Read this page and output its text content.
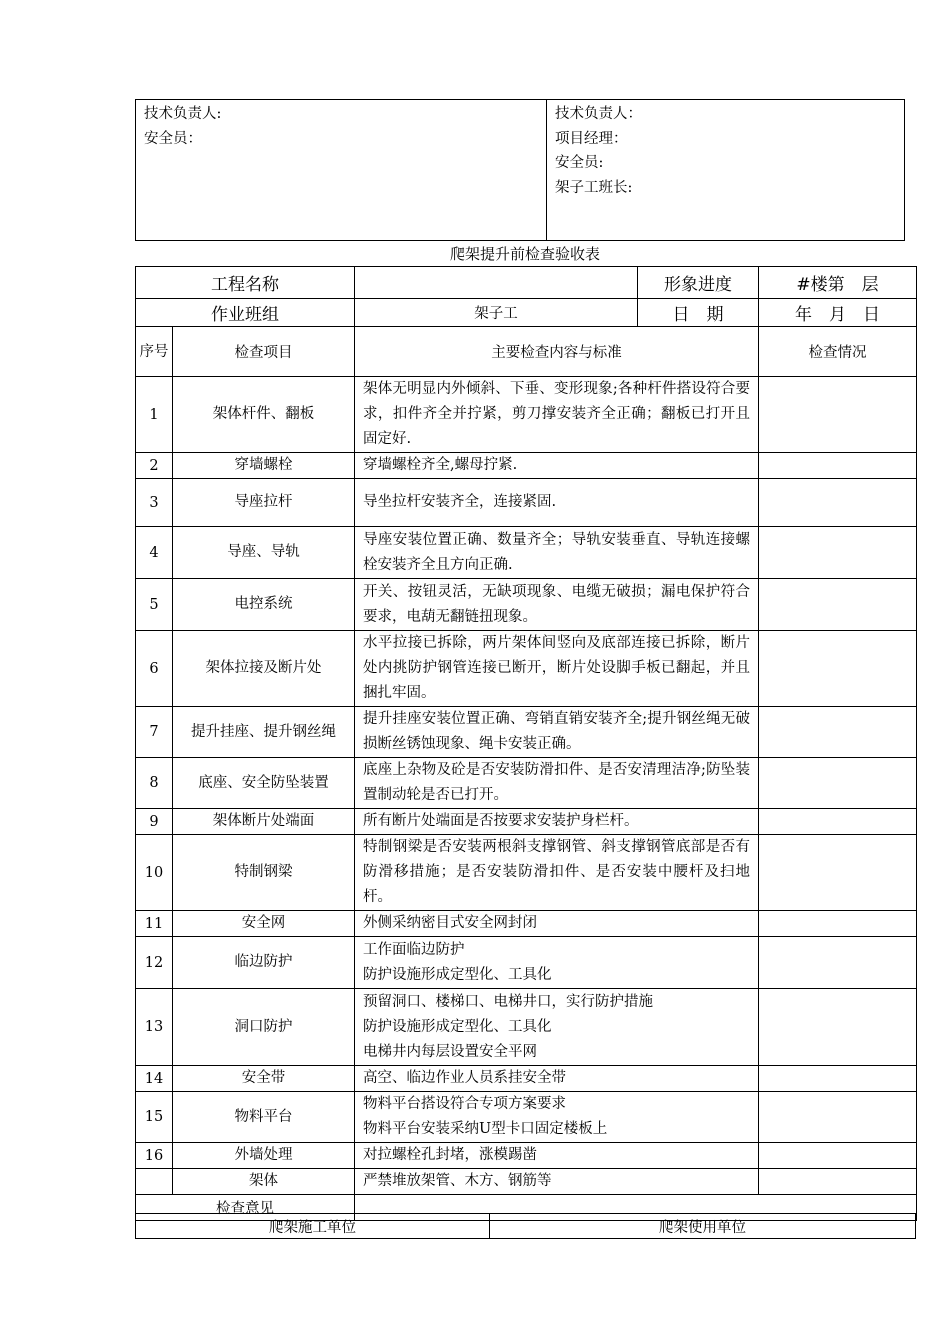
技术负责人:
安全员：
技术负责人：
项目经理：
安全员:
架子工班长:
爬架提升前检查验收表
工程名称			形象进度	#楼第　层
作业班组		架子工	日　期	年　月　日
序号	检查项目	主要检查内容与标准		检查情况
1	架体杆件、翻板	架体无明显内外倾斜、下垂、变形现象;各种杆件搭设符合要求，扣件齐全并拧紧，剪刀撑安装齐全正确；翻板已打开且固定好.		

2	穿墙螺栓	穿墙螺栓齐全,螺母拧紧.		

3	导座拉杆	导坐拉杆安装齐全，连接紧固.		

4	导座、导轨	导座安装位置正确、数量齐全；导轨安装垂直、导轨连接螺栓安装齐全且方向正确.		

5	电控系统	开关、按钮灵活，无缺项现象、电缆无破损；漏电保护符合要求，电葫无翻链扭现象。		

6	架体拉接及断片处	水平拉接已拆除，两片架体间竖向及底部连接已拆除，断片处内挑防护钢管连接已断开，断片处设脚手板已翻起，并且捆扎牢固。		

7	提升挂座、提升钢丝绳	提升挂座安装位置正确、弯销直销安装齐全;提升钢丝绳无破损断丝锈蚀现象、绳卡安装正确。		

8	底座、安全防坠装置	底座上杂物及砼是否安装防滑扣件、是否安清理洁净;防坠装置制动轮是否已打开。		

9	架体断片处端面	所有断片处端面是否按要求安装护身栏杆。		

10	特制钢梁	特制钢梁是否安装两根斜支撑钢管、斜支撑钢管底部是否有防滑移措施；是否安装防滑扣件、是否安装中腰杆及扫地杆。		

11	安全网	外侧采纳密目式安全网封闭		

12	临边防护	工作面临边防护
防护设施形成定型化、工具化		

13	洞口防护	预留洞口、楼梯口、电梯井口，实行防护措施
防护设施形成定型化、工具化
电梯井内每层设置安全平网		

14	安全带	高空、临边作业人员系挂安全带		

15	物料平台	物料平台搭设符合专项方案要求
物料平台安装采纳U型卡口固定楼板上		

16	外墙处理	对拉螺栓孔封堵，涨模踢凿		

	架体	严禁堆放架管、木方、钢筋等		

检查意见				
爬架施工单位	爬架使用单位
